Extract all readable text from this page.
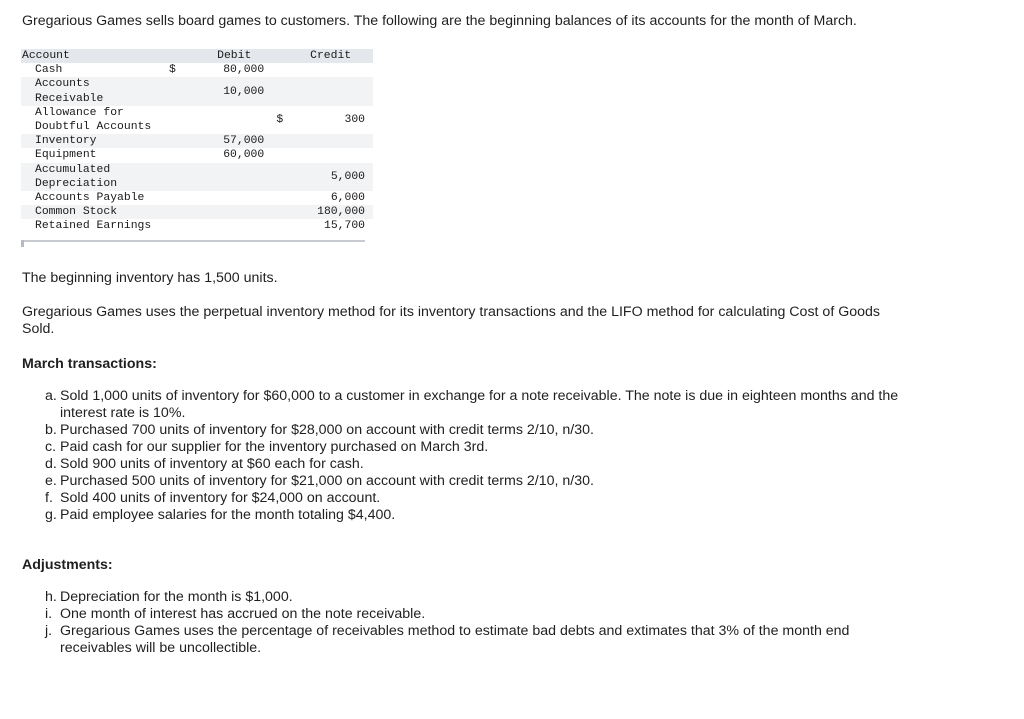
Gregarious Games sells board games to customers. The following are the beginning balances of its accounts for the month of March.

Account		Debit		Credit

Cash	$	80,000		

Accounts
Receivable		10,000		

Allowance for
Doubtful Accounts			$	300

Inventory		57,000		

Equipment		60,000		

Accumulated
Depreciation				5,000

Accounts Payable				6,000

Common Stock				180,000

Retained Earnings				15,700

The beginning inventory has 1,500 units.

Gregarious Games uses the perpetual inventory method for its inventory transactions and the LIFO method for calculating Cost of Goods Sold.

March transactions:

a. Sold 1,000 units of inventory for $60,000 to a customer in exchange for a note receivable. The note is due in eighteen months and the interest rate is 10%.
b. Purchased 700 units of inventory for $28,000 on account with credit terms 2/10, n/30.
c. Paid cash for our supplier for the inventory purchased on March 3rd.
d. Sold 900 units of inventory at $60 each for cash.
e. Purchased 500 units of inventory for $21,000 on account with credit terms 2/10, n/30.
f. Sold 400 units of inventory for $24,000 on account.
g. Paid employee salaries for the month totaling $4,400.

Adjustments:

h. Depreciation for the month is $1,000.
i. One month of interest has accrued on the note receivable.
j. Gregarious Games uses the percentage of receivables method to estimate bad debts and extimates that 3% of the month end receivables will be uncollectible.
